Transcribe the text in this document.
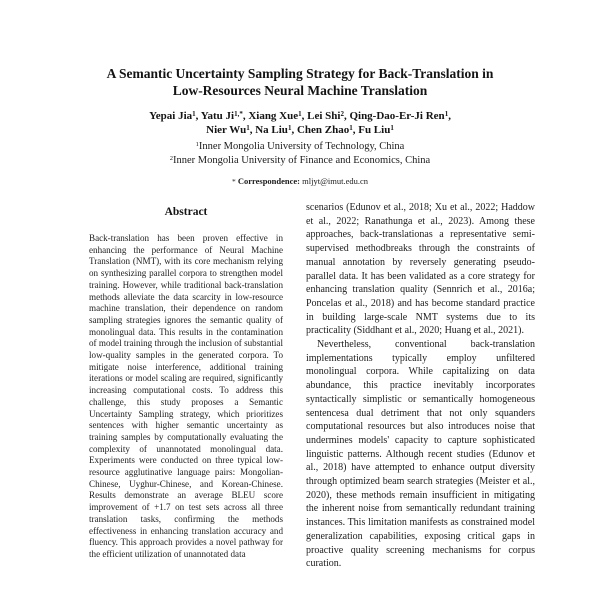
A Semantic Uncertainty Sampling Strategy for Back-Translation in
Low-Resources Neural Machine Translation
Yepai Jia$^1$, Yatu $Ji^{1,*}$, Xiang Xue$^1$, Lei Shi$^2$, Qing-Dao-Er-Ji Ren$^1$,
Nier Wu$^1$, Na Liu$^1$, Chen Zhao$^1$, Fu Liu$^1$
$^1$Inner Mongolia University of Technology, China
$^2$Inner Mongolia University of Finance and Economics, China
* Correspondence: mljyt@imut.edu.cn
Abstract

Back-translation has been proven effective in enhancing the performance of Neural Machine Translation (NMT), with its core mechanism relying on synthesizing parallel corpora to strengthen model training. However, while traditional back-translation methods alleviate the data scarcity in low-resource machine translation, their dependence on random sampling strategies ignores the semantic quality of monolingual data. This results in the contamination of model training through the inclusion of substantial low-quality samples in the generated corpora. To mitigate noise interference, additional training iterations or model scaling are required, significantly increasing computational costs. To address this challenge, this study proposes a Semantic Uncertainty Sampling strategy, which prioritizes sentences with higher semantic uncertainty as training samples by computationally evaluating the complexity of unannotated monolingual data. Experiments were conducted on three typical low-resource agglutinative language pairs: Mongolian-Chinese, Uyghur-Chinese, and Korean-Chinese. Results demonstrate an average BLEU score improvement of +1.7 on test sets across all three translation tasks, confirming the methods effectiveness in enhancing translation accuracy and fluency. This approach provides a novel pathway for the efficient utilization of unannotated data

scenarios (Edunov et al., 2018; Xu et al., 2022; Haddow et al., 2022; Ranathunga et al., 2023). Among these approaches, back-translationas a representative semi-supervised methodbreaks through the constraints of manual annotation by reversely generating pseudo-parallel data. It has been validated as a core strategy for enhancing translation quality (Sennrich et al., 2016a; Poncelas et al., 2018) and has become standard practice in building large-scale NMT systems due to its practicality (Siddhant et al., 2020; Huang et al., 2021).

Nevertheless, conventional back-translation implementations typically employ unfiltered monolingual corpora. While capitalizing on data abundance, this practice inevitably incorporates syntactically simplistic or semantically homogeneous sentencesa dual detriment that not only squanders computational resources but also introduces noise that undermines models' capacity to capture sophisticated linguistic patterns. Although recent studies (Edunov et al., 2018) have attempted to enhance output diversity through optimized beam search strategies (Meister et al., 2020), these methods remain insufficient in mitigating the inherent noise from semantically redundant training instances. This limitation manifests as constrained model generalization capabilities, exposing critical gaps in proactive quality screening mechanisms for corpus curation.
